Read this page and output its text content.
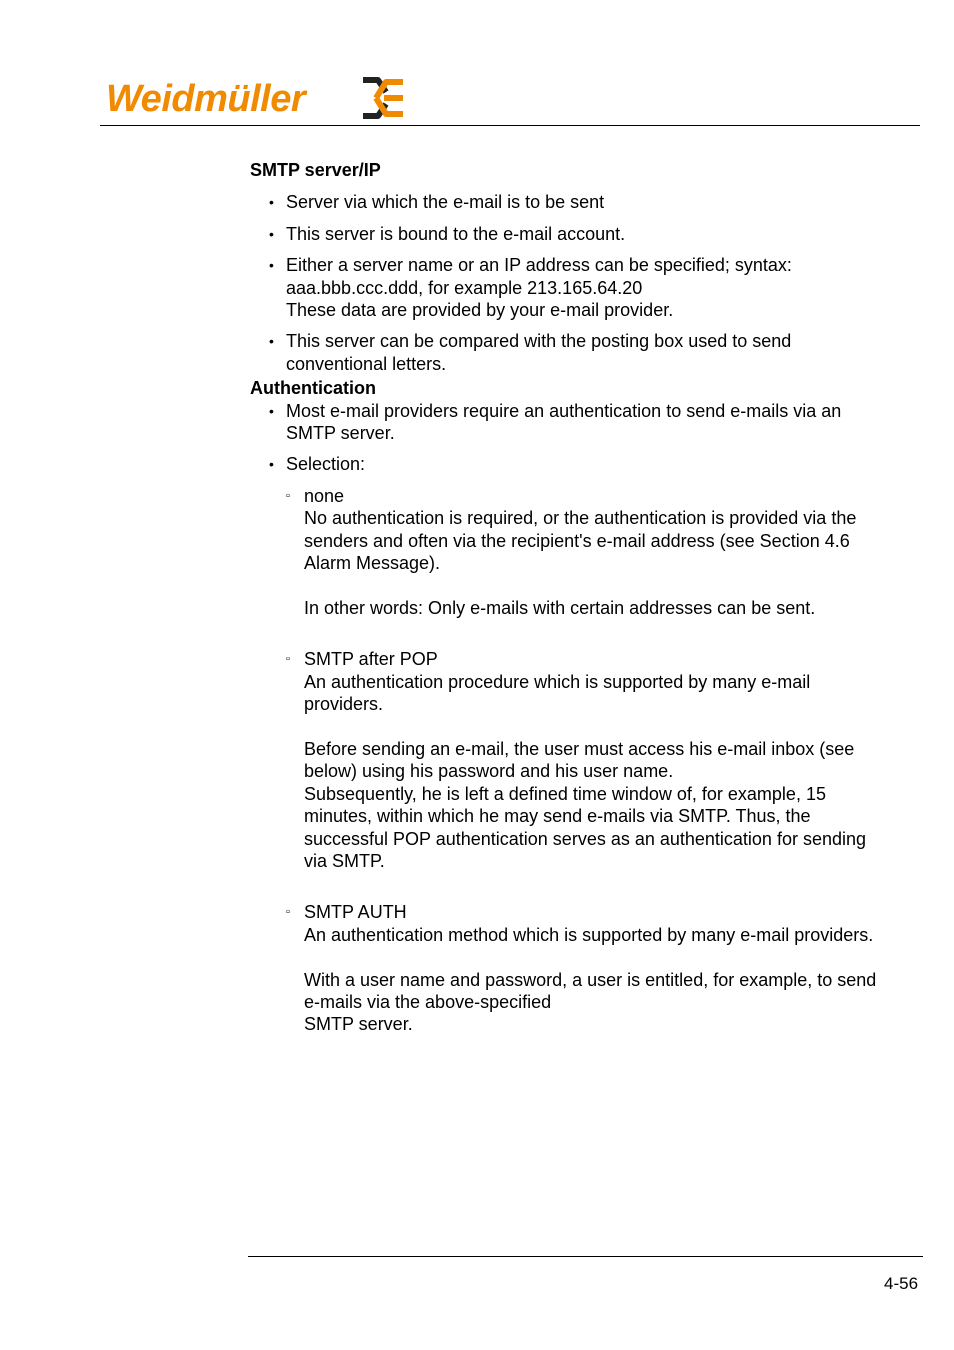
Weidmüller

SMTP server/IP

• Server via which the e-mail is to be sent
• This server is bound to the e-mail account.
• Either a server name or an IP address can be specified; syntax: aaa.bbb.ccc.ddd, for example 213.165.64.20
These data are provided by your e-mail provider.
• This server can be compared with the posting box used to send conventional letters.

Authentication

• Most e-mail providers require an authentication to send e-mails via an SMTP server.
• Selection:
▫ none
No authentication is required, or the authentication is provided via the senders and often via the recipient's e-mail address (see Section 4.6 Alarm Message).
In other words: Only e-mails with certain addresses can be sent.
▫ SMTP after POP
An authentication procedure which is supported by many e-mail providers.
Before sending an e-mail, the user must access his e-mail inbox (see below) using his password and his user name.
Subsequently, he is left a defined time window of, for example, 15 minutes, within which he may send e-mails via SMTP. Thus, the successful POP authentication serves as an authentication for sending via SMTP.
▫ SMTP AUTH
An authentication method which is supported by many e-mail providers.
With a user name and password, a user is entitled, for example, to send e-mails via the above-specified
SMTP server.
4-56
